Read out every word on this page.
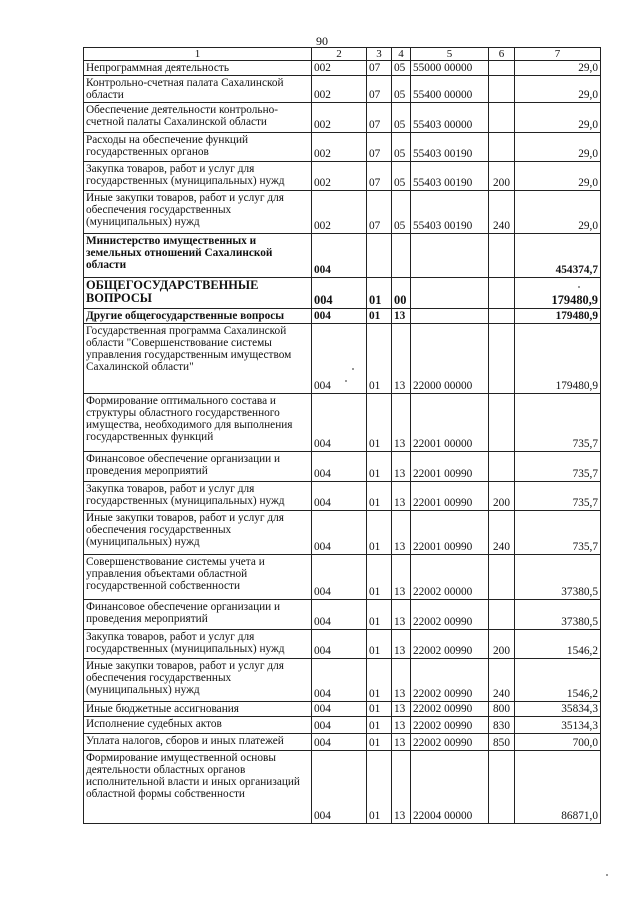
90
1	2	3	4	5	6	7
Непрограммная деятельность	002	07	05	55000 00000		29,0
Контрольно-счетная палата Сахалинской области	002	07	05	55400 00000		29,0
Обеспечение деятельности контрольно-счетной палаты Сахалинской области	002	07	05	55403 00000		29,0
Расходы на обеспечение функций государственных органов	002	07	05	55403 00190		29,0
Закупка товаров, работ и услуг для государственных (муниципальных) нужд	002	07	05	55403 00190	200	29,0
Иные закупки товаров, работ и услуг для обеспечения государственных (муниципальных) нужд	002	07	05	55403 00190	240	29,0
Министерство имущественных и земельных отношений Сахалинской области	004					454374,7
ОБЩЕГОСУДАРСТВЕННЫЕ ВОПРОСЫ	004	01	00			179480,9
Другие общегосударственные вопросы	004	01	13			179480,9
Государственная программа Сахалинской области "Совершенствование системы управления государственным имуществом Сахалинской области"	004	01	13	22000 00000		179480,9
Формирование оптимального состава и структуры областного государственного имущества, необходимого для выполнения государственных функций	004	01	13	22001 00000		735,7
Финансовое обеспечение организации и проведения мероприятий	004	01	13	22001 00990		735,7
Закупка товаров, работ и услуг для государственных (муниципальных) нужд	004	01	13	22001 00990	200	735,7
Иные закупки товаров, работ и услуг для обеспечения государственных (муниципальных) нужд	004	01	13	22001 00990	240	735,7
Совершенствование системы учета и управления объектами областной государственной собственности	004	01	13	22002 00000		37380,5
Финансовое обеспечение организации и проведения мероприятий	004	01	13	22002 00990		37380,5
Закупка товаров, работ и услуг для государственных (муниципальных) нужд	004	01	13	22002 00990	200	1546,2
Иные закупки товаров, работ и услуг для обеспечения государственных (муниципальных) нужд	004	01	13	22002 00990	240	1546,2
Иные бюджетные ассигнования	004	01	13	22002 00990	800	35834,3
Исполнение судебных актов	004	01	13	22002 00990	830	35134,3
Уплата налогов, сборов и иных платежей	004	01	13	22002 00990	850	700,0
Формирование имущественной основы деятельности областных органов исполнительной власти и иных организаций областной формы собственности	004	01	13	22004 00000		86871,0
